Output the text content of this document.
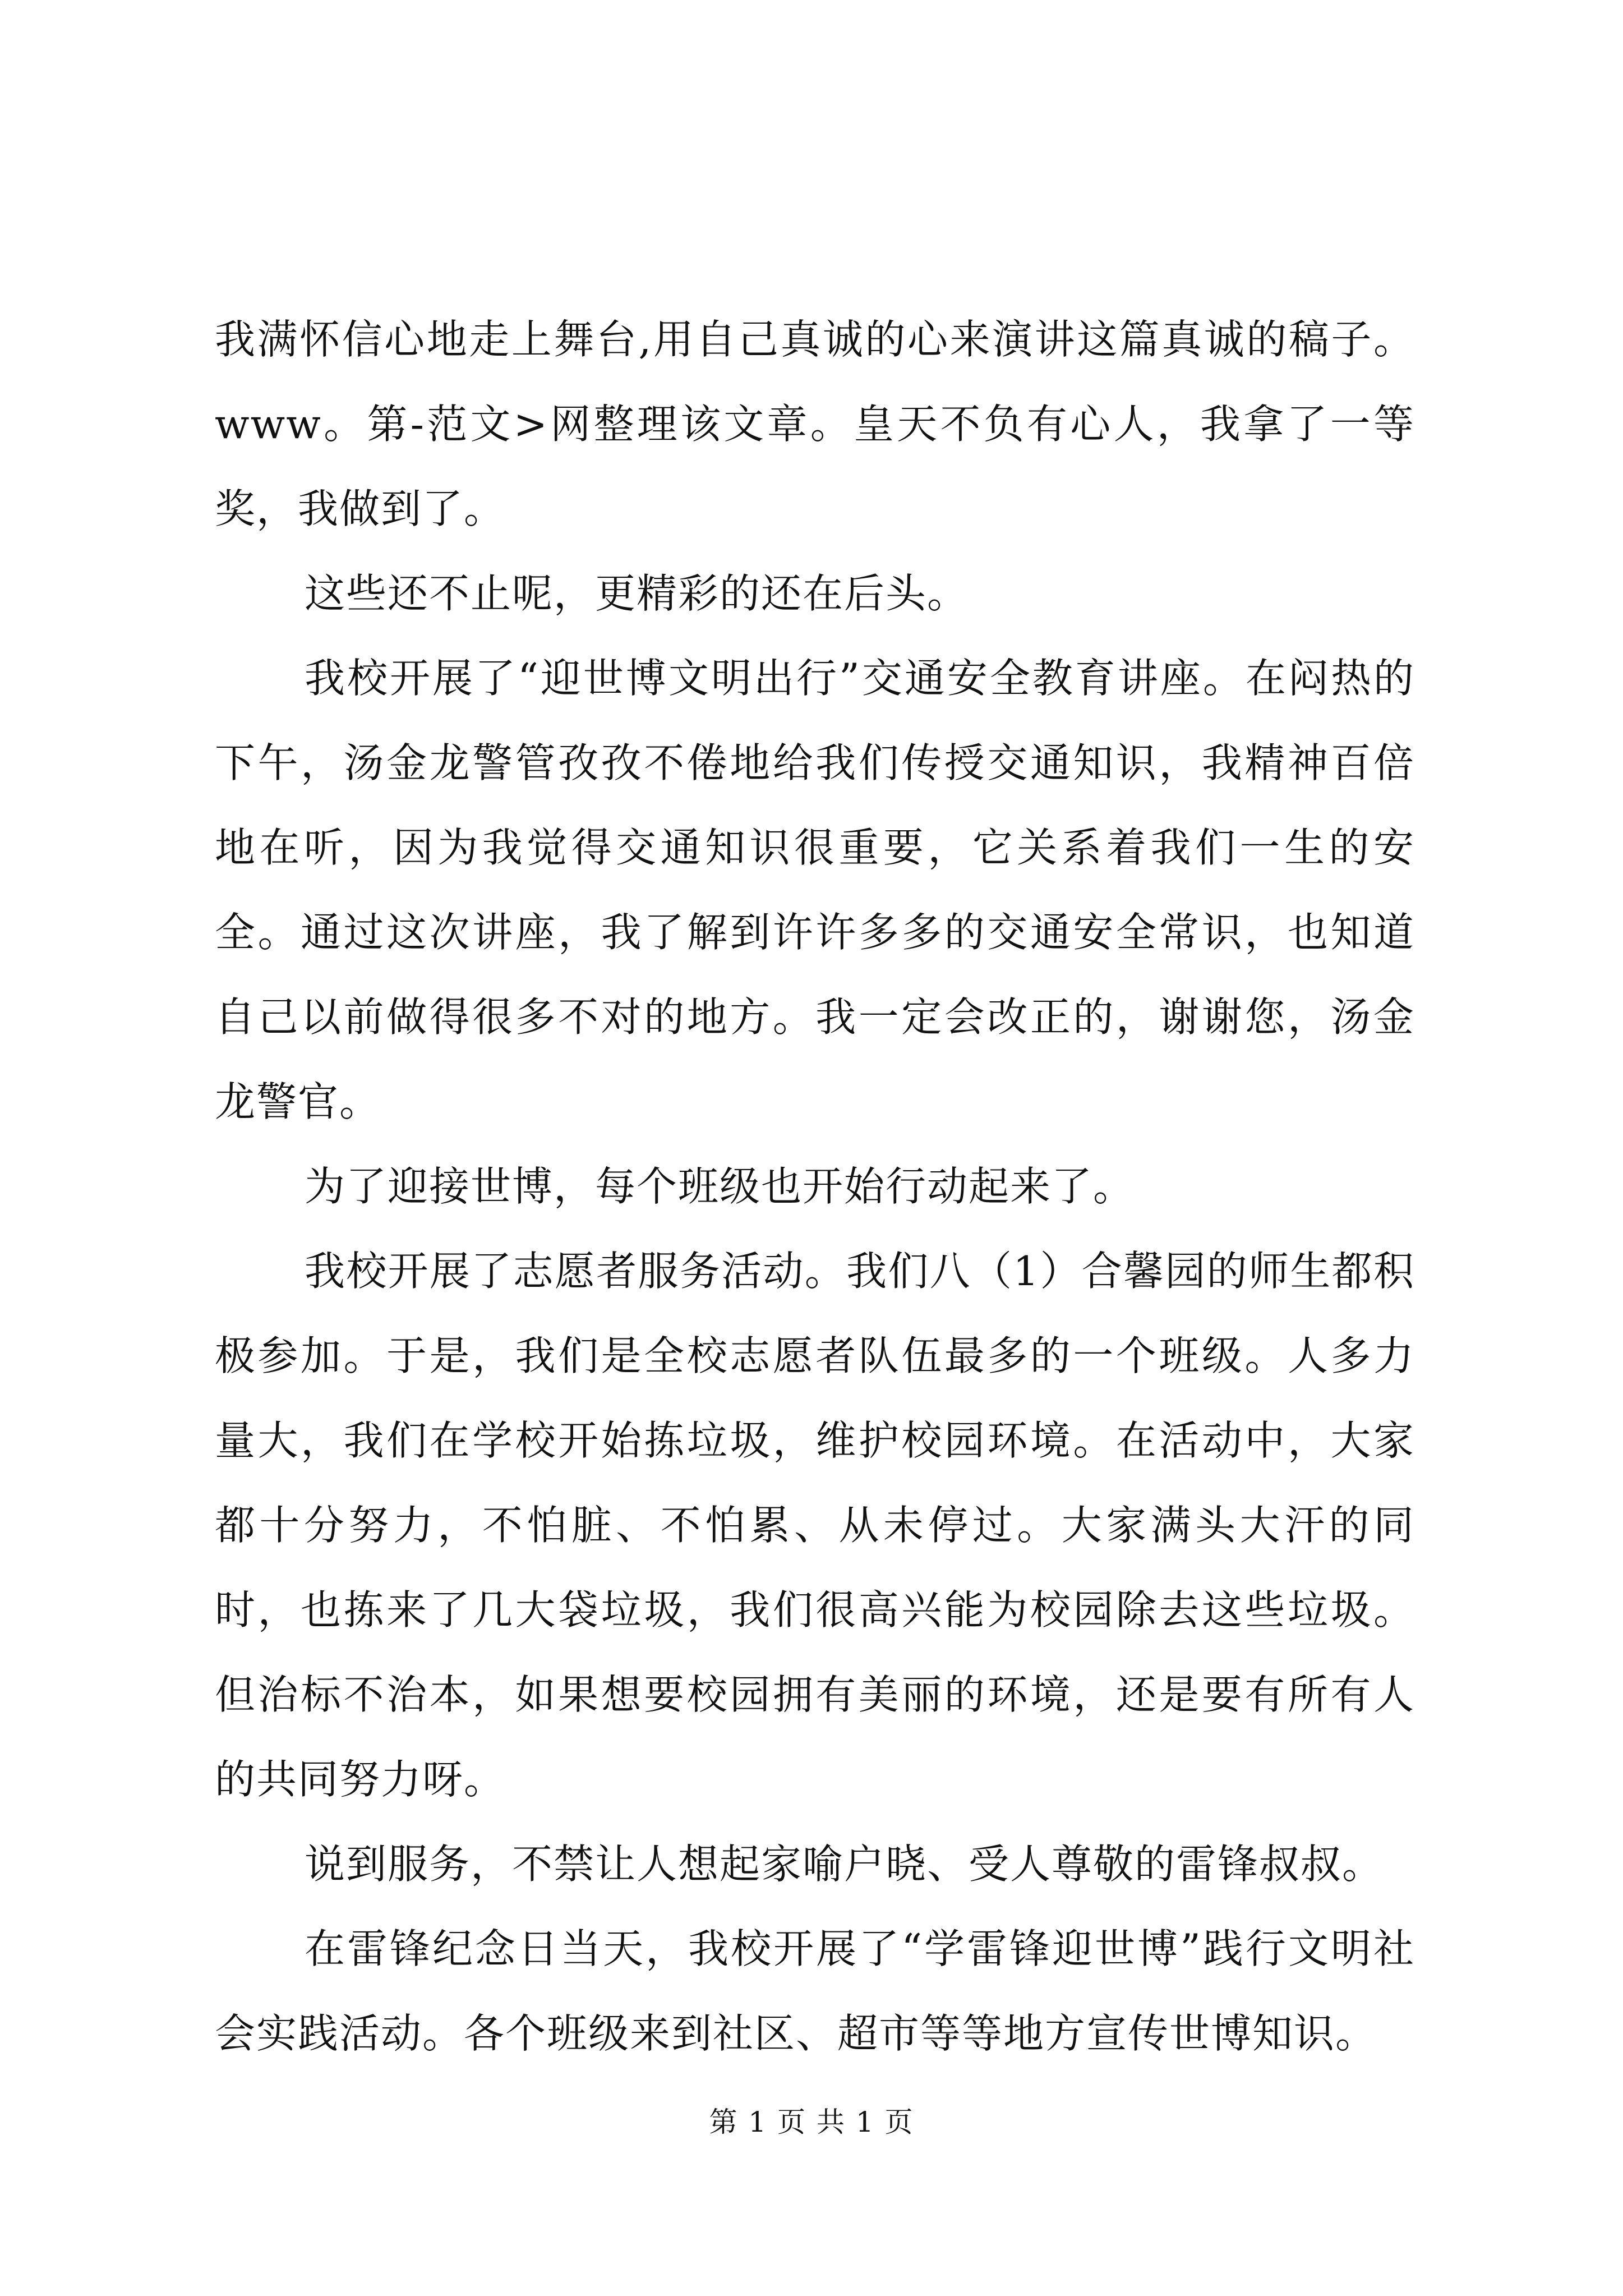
我满怀信心地走上舞台,用自己真诚的心来演讲这篇真诚的稿子。www。第-范文>网整理该文章。皇天不负有心人，我拿了一等奖，我做到了。

这些还不止呢，更精彩的还在后头。

我校开展了“迎世博文明出行”交通安全教育讲座。在闷热的下午，汤金龙警管孜孜不倦地给我们传授交通知识，我精神百倍地在听，因为我觉得交通知识很重要，它关系着我们一生的安全。通过这次讲座，我了解到许许多多的交通安全常识，也知道自己以前做得很多不对的地方。我一定会改正的，谢谢您，汤金龙警官。

为了迎接世博，每个班级也开始行动起来了。

我校开展了志愿者服务活动。我们八（1）合馨园的师生都积极参加。于是，我们是全校志愿者队伍最多的一个班级。人多力量大，我们在学校开始拣垃圾，维护校园环境。在活动中，大家都十分努力，不怕脏、不怕累、从未停过。大家满头大汗的同时，也拣来了几大袋垃圾，我们很高兴能为校园除去这些垃圾。但治标不治本，如果想要校园拥有美丽的环境，还是要有所有人的共同努力呀。

说到服务，不禁让人想起家喻户晓、受人尊敬的雷锋叔叔。

在雷锋纪念日当天，我校开展了“学雷锋迎世博”践行文明社会实践活动。各个班级来到社区、超市等等地方宣传世博知识。

第 1 页 共 1 页
